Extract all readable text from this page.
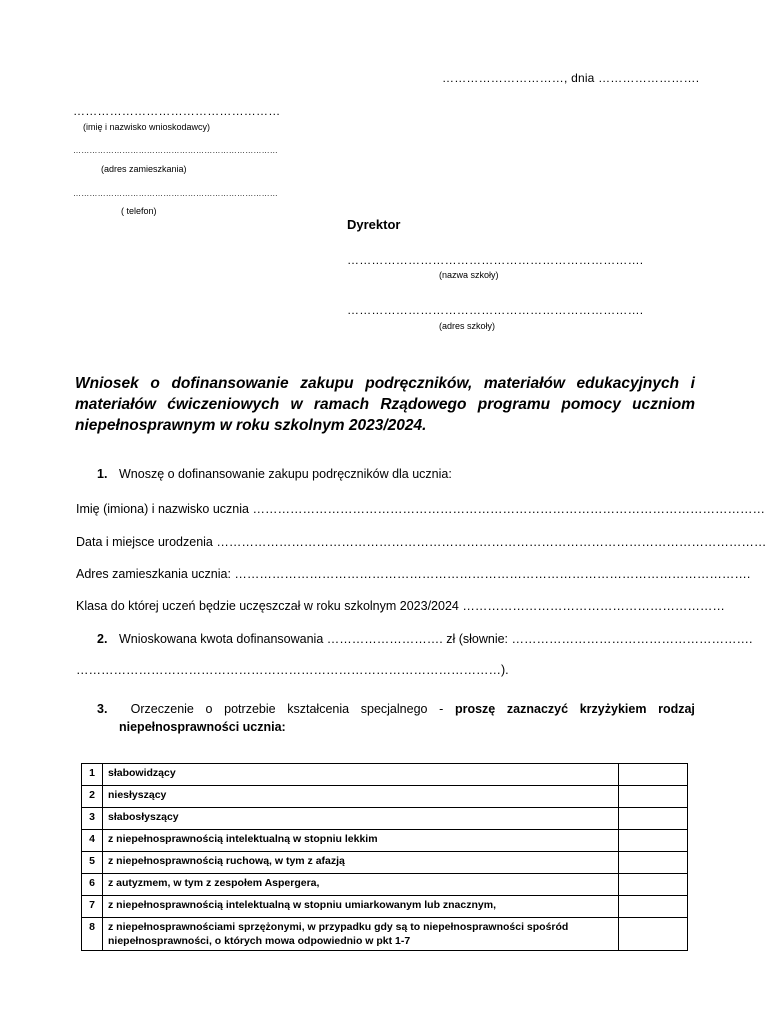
…………………………, dnia …………………….
……………………………………………
(imię i nazwisko wnioskodawcy)
…………………………………………………………………
(adres zamieszkania)
…………………………………………………………………
( telefon)
Dyrektor
……………………………………………………………….
(nazwa szkoły)
……………………………………………………………….
(adres szkoły)
Wniosek o dofinansowanie zakupu podręczników, materiałów edukacyjnych i materiałów ćwiczeniowych w ramach Rządowego programu pomocy uczniom niepełnosprawnym w roku szkolnym 2023/2024.
1. Wnoszę o dofinansowanie zakupu podręczników dla ucznia:
Imię (imiona) i nazwisko ucznia ……………………………………………………………………………………………………………
Data i miejsce urodzenia ……………………………………………………………………………………………………………………
Adres zamieszkania ucznia: …………………………………………………………………………………………………………….
Klasa do której uczeń będzie uczęszczał w roku szkolnym 2023/2024 ………………………………………………………
2. Wnioskowana kwota dofinansowania ………………………. zł (słownie: ………………………………………………….
…………………………………………………………………………………………).
3.	Orzeczenie o potrzebie kształcenia specjalnego - proszę zaznaczyć krzyżykiem rodzaj
niepełnosprawności ucznia:
1	słabowidzący	
2	niesłyszący	
3	słabosłyszący	
4	z niepełnosprawnością intelektualną w stopniu lekkim	
5	z niepełnosprawnością ruchową, w tym z afazją	
6	z autyzmem, w tym z zespołem Aspergera,	
7	z niepełnosprawnością intelektualną w stopniu umiarkowanym lub znacznym,	
8	z niepełnosprawnościami sprzężonymi, w przypadku gdy są to niepełnosprawności spośród niepełnosprawności, o których mowa odpowiednio w pkt 1-7	
